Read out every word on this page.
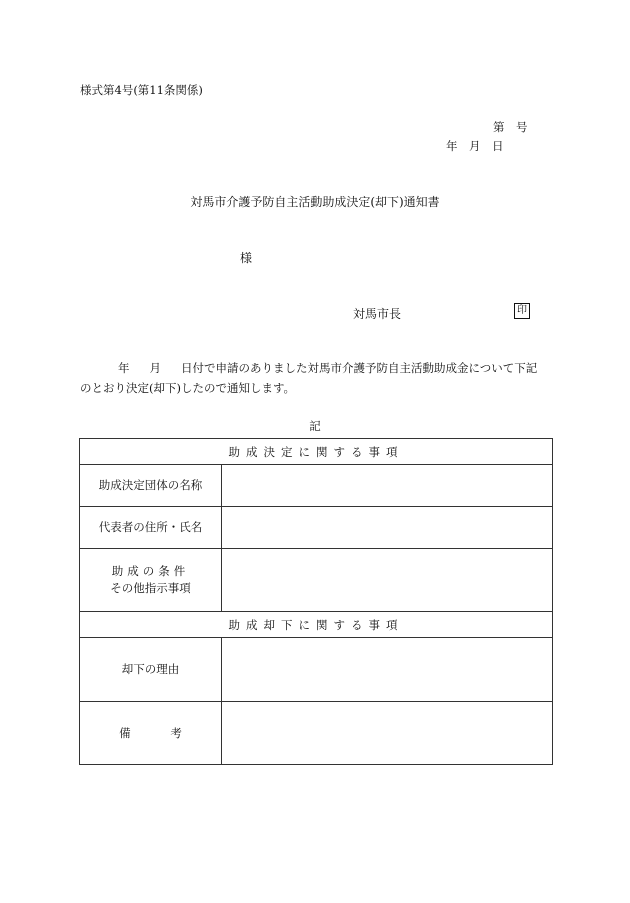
様式第4号(第11条関係)
第　号
年　月　日
対馬市介護予防自主活動助成決定(却下)通知書
様
対馬市長	印
年 月 日付で申請のありました対馬市介護予防自主活動助成金について下記
のとおり決定(却下)したので通知します。
記
助成決定に関する事項	
助成決定団体の名称	
代表者の住所・氏名	

助成の条件
その他指示事項	

助成却下に関する事項	
却下の理由	
備 考	
